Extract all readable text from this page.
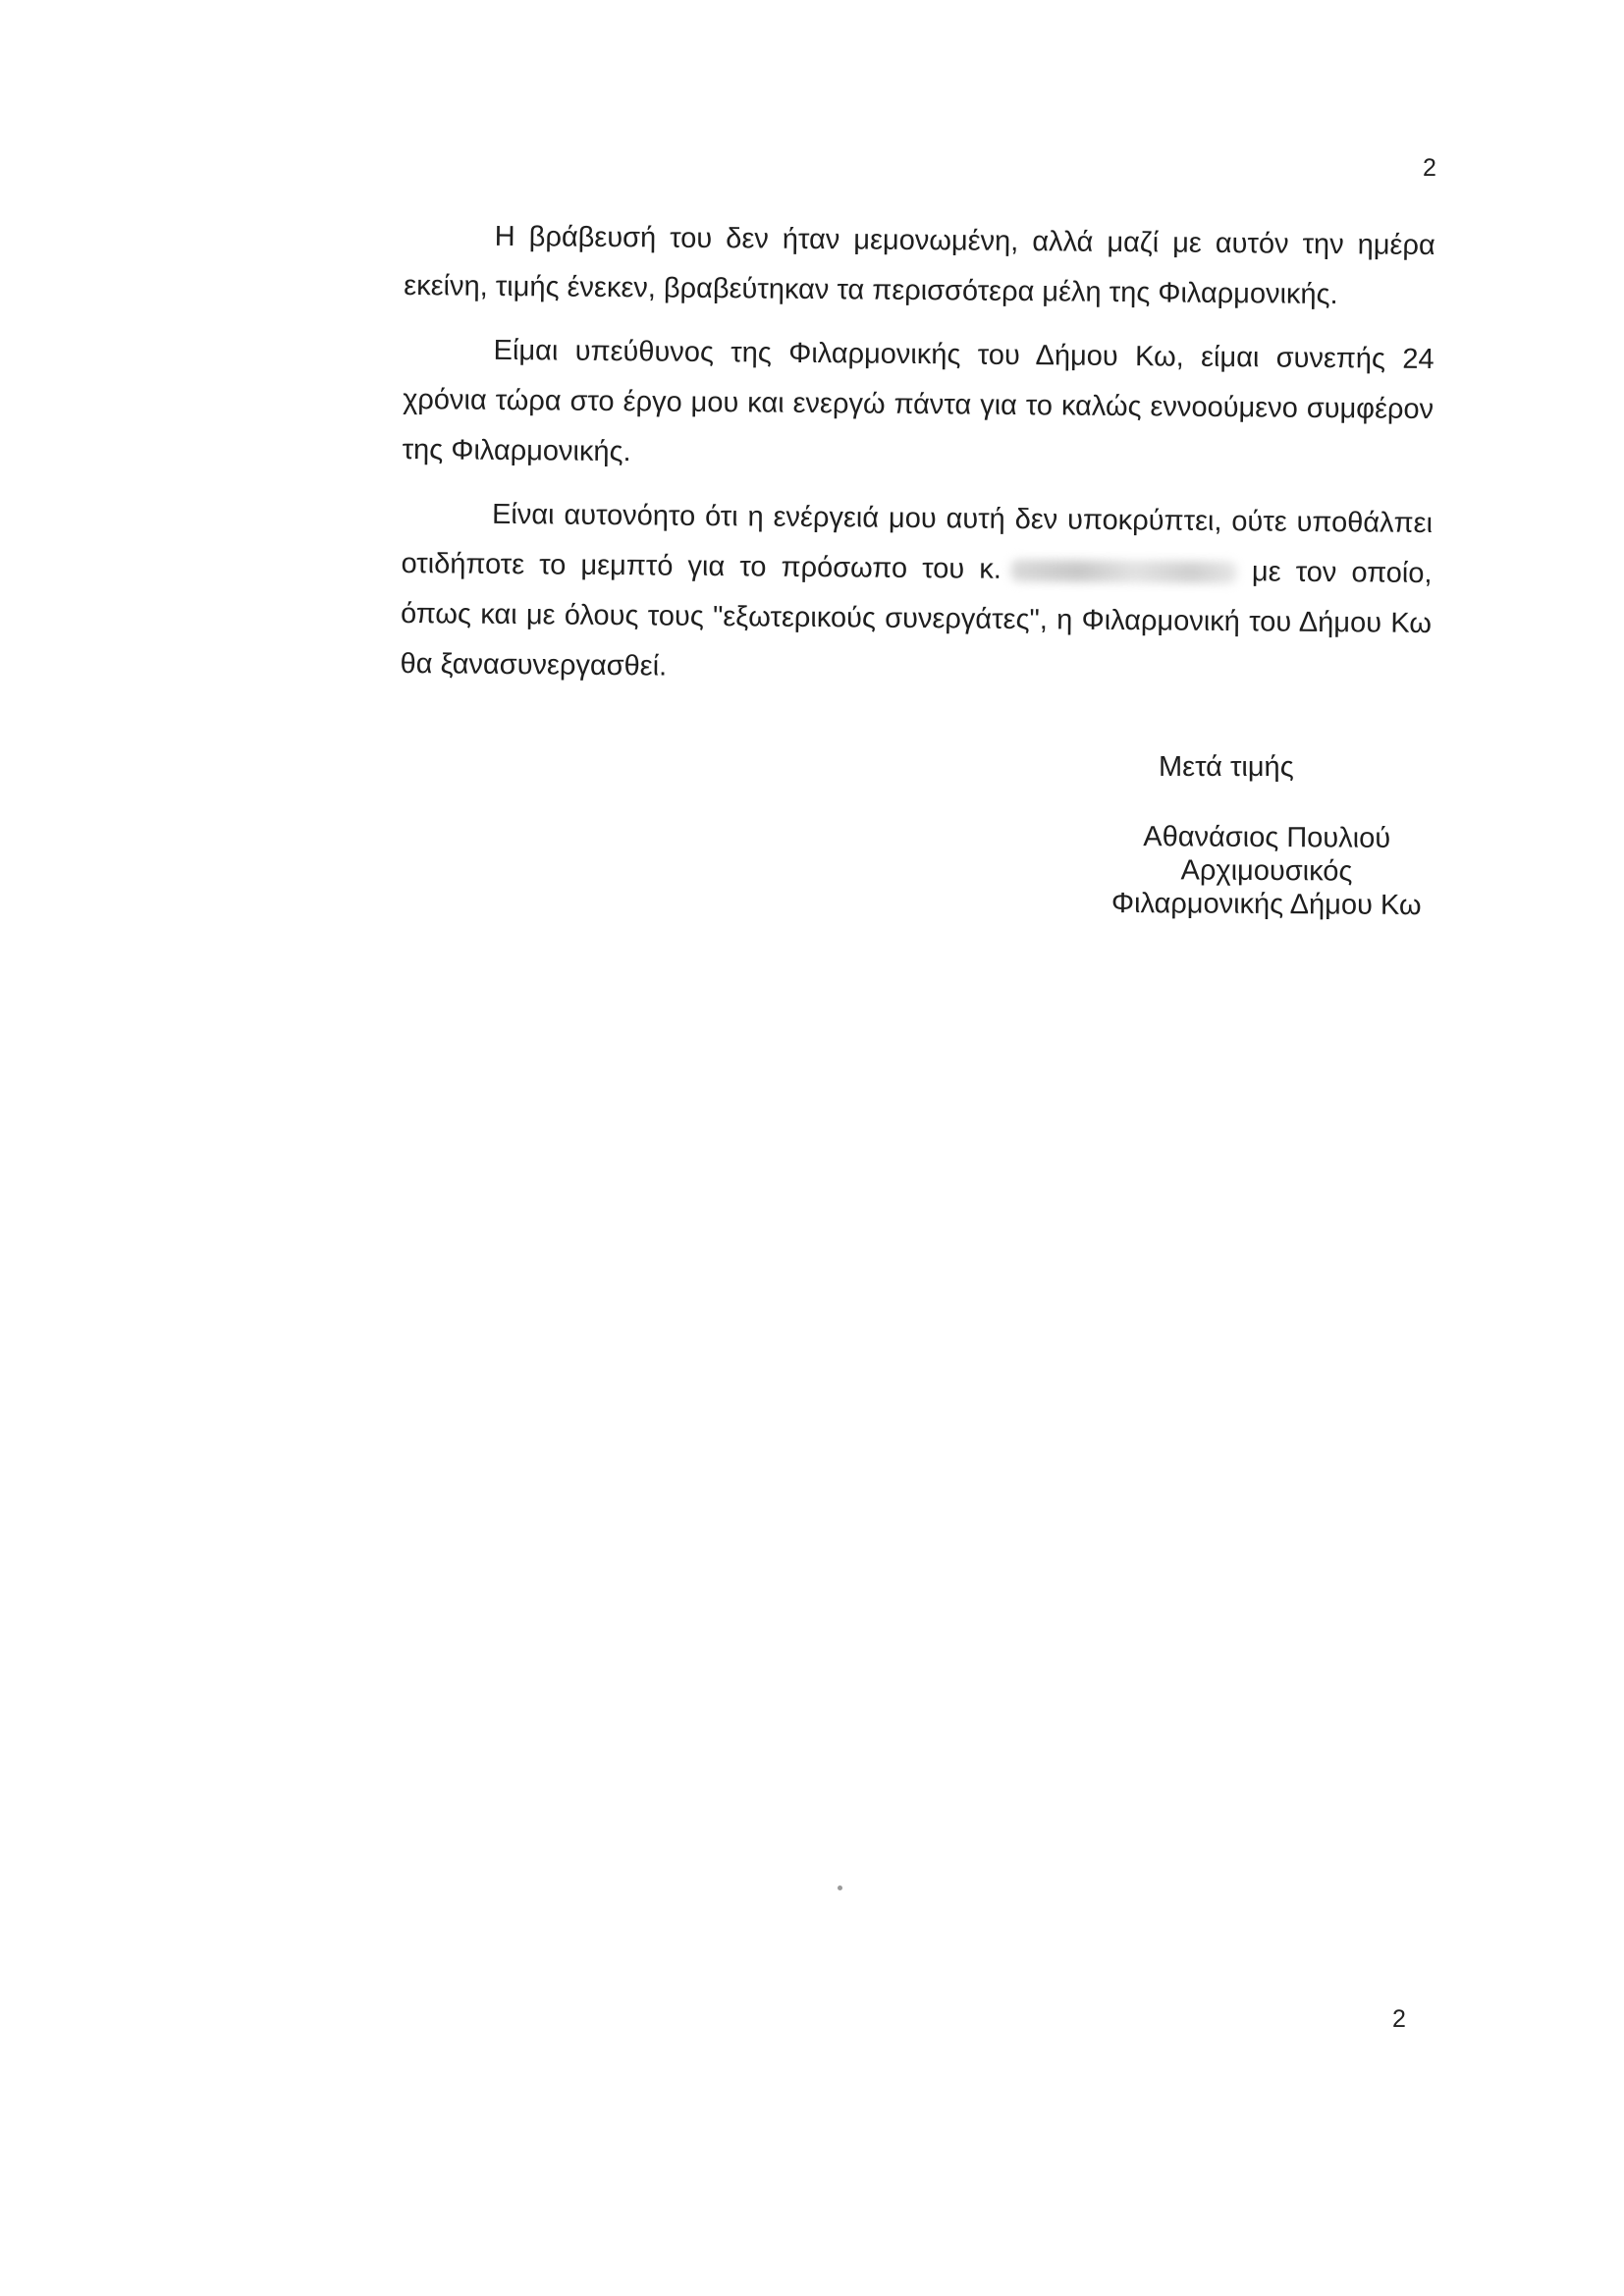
2

Η βράβευσή του δεν ήταν μεμονωμένη, αλλά μαζί με αυτόν την ημέρα εκείνη, τιμής ένεκεν, βραβεύτηκαν τα περισσότερα μέλη της Φιλαρμονικής.

Είμαι υπεύθυνος της Φιλαρμονικής του Δήμου Κω, είμαι συνεπής 24 χρόνια τώρα στο έργο μου και ενεργώ πάντα για το καλώς εννοούμενο συμφέρον της Φιλαρμονικής.

Είναι αυτονόητο ότι η ενέργειά μου αυτή δεν υποκρύπτει, ούτε υποθάλπει οτιδήποτε το μεμπτό για το πρόσωπο του κ.	με τον οποίο, όπως και με όλους τους "εξωτερικούς συνεργάτες", η Φιλαρμονική του Δήμου Κω θα ξανασυνεργασθεί.

Μετά τιμής
Αθανάσιος Πουλιού
Αρχιμουσικός
Φιλαρμονικής Δήμου Κω
2
